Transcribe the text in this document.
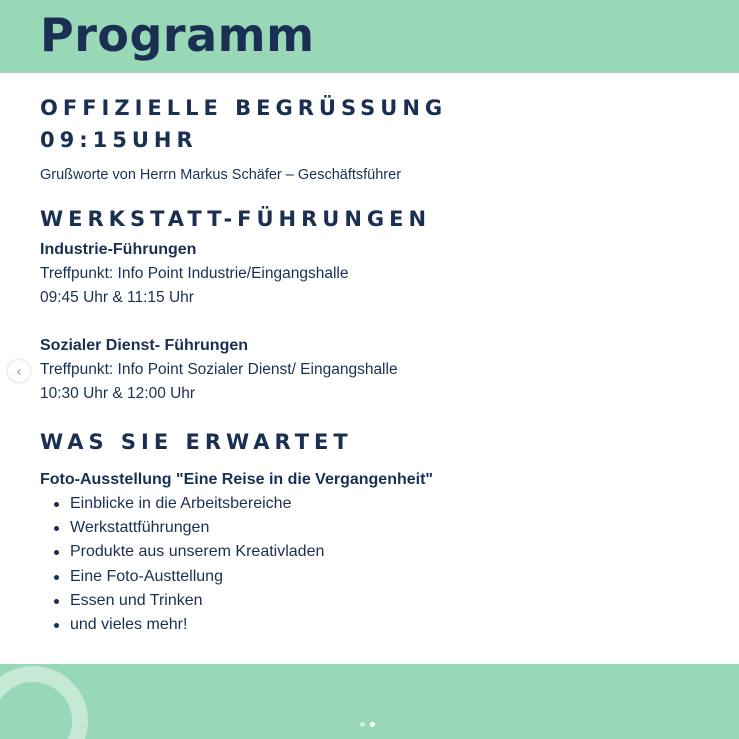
Programm
OFFIZIELLE BEGRÜSSUNG
09:15UHR

Grußworte von Herrn Markus Schäfer – Geschäftsführer

WERKSTATT-FÜHRUNGEN

Industrie-Führungen

Treffpunkt: Info Point Industrie/Eingangshalle

09:45 Uhr & 11:15 Uhr

Sozialer Dienst- Führungen

Treffpunkt: Info Point Sozialer Dienst/ Eingangshalle

10:30 Uhr & 12:00 Uhr

WAS SIE ERWARTET

Foto-Ausstellung "Eine Reise in die Vergangenheit"

Einblicke in die Arbeitsbereiche
Werkstattführungen
Produkte aus unserem Kreativladen
Eine Foto-Austtellung
Essen und Trinken
und vieles mehr!
‹
